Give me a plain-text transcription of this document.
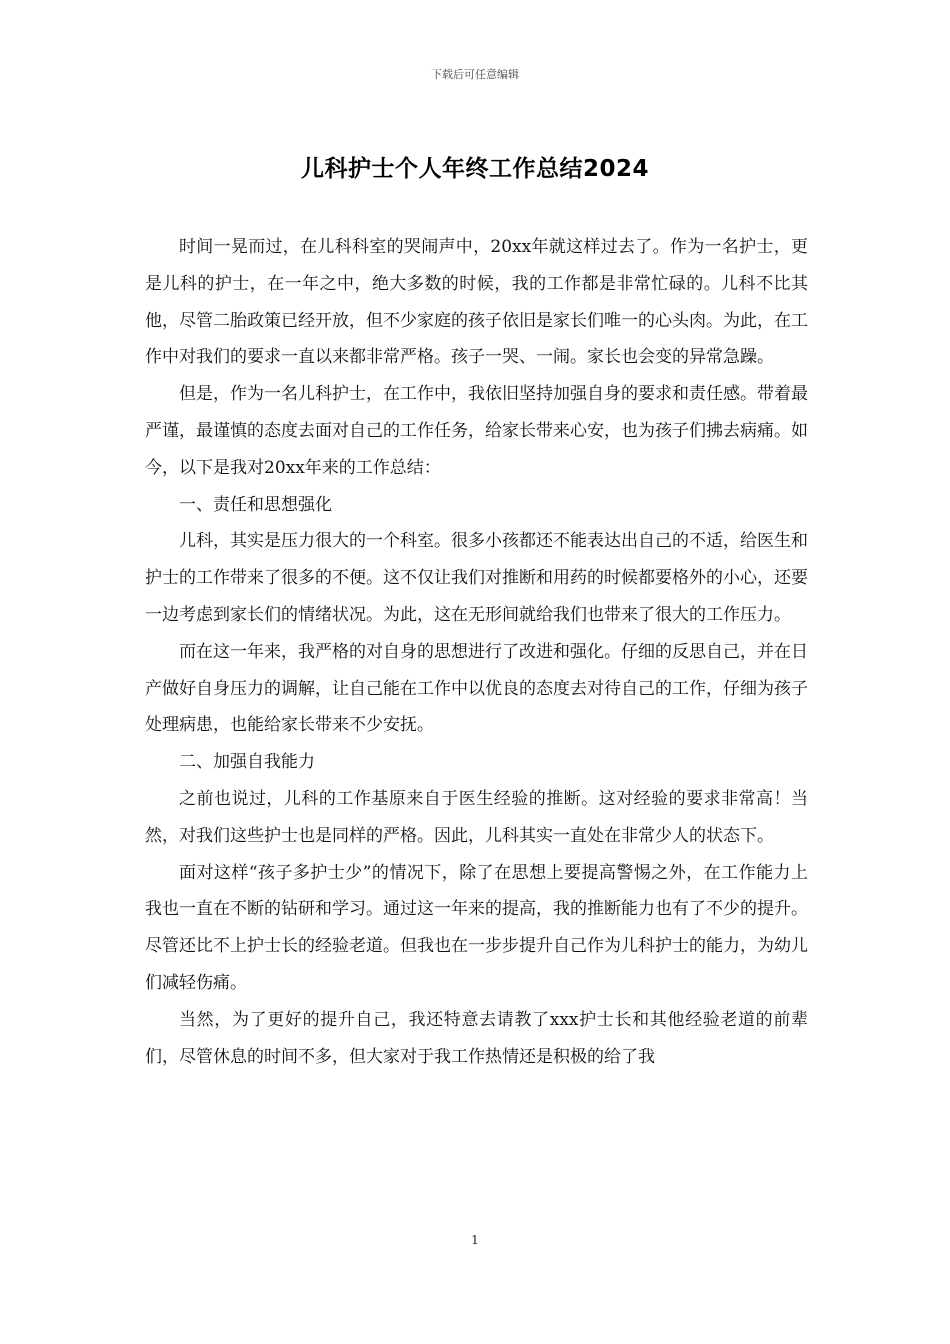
下载后可任意编辑
儿科护士个人年终工作总结2024

时间一晃而过，在儿科科室的哭闹声中，20xx年就这样过去了。作为一名护士，更是儿科的护士，在一年之中，绝大多数的时候，我的工作都是非常忙碌的。儿科不比其他，尽管二胎政策已经开放，但不少家庭的孩子依旧是家长们唯一的心头肉。为此，在工作中对我们的要求一直以来都非常严格。孩子一哭、一闹。家长也会变的异常急躁。

但是，作为一名儿科护士，在工作中，我依旧坚持加强自身的要求和责任感。带着最严谨，最谨慎的态度去面对自己的工作任务，给家长带来心安，也为孩子们拂去病痛。如今，以下是我对20xx年来的工作总结：

一、责任和思想强化

儿科，其实是压力很大的一个科室。很多小孩都还不能表达出自己的不适，给医生和护士的工作带来了很多的不便。这不仅让我们对推断和用药的时候都要格外的小心，还要一边考虑到家长们的情绪状况。为此，这在无形间就给我们也带来了很大的工作压力。

而在这一年来，我严格的对自身的思想进行了改进和强化。仔细的反思自己，并在日产做好自身压力的调解，让自己能在工作中以优良的态度去对待自己的工作，仔细为孩子处理病患，也能给家长带来不少安抚。

二、加强自我能力

之前也说过，儿科的工作基原来自于医生经验的推断。这对经验的要求非常高！当然，对我们这些护士也是同样的严格。因此，儿科其实一直处在非常少人的状态下。

面对这样“孩子多护士少”的情况下，除了在思想上要提高警惕之外，在工作能力上我也一直在不断的钻研和学习。通过这一年来的提高，我的推断能力也有了不少的提升。尽管还比不上护士长的经验老道。但我也在一步步提升自己作为儿科护士的能力，为幼儿们减轻伤痛。

当然，为了更好的提升自己，我还特意去请教了xxx护士长和其他经验老道的前辈们，尽管休息的时间不多，但大家对于我工作热情还是积极的给了我

1
